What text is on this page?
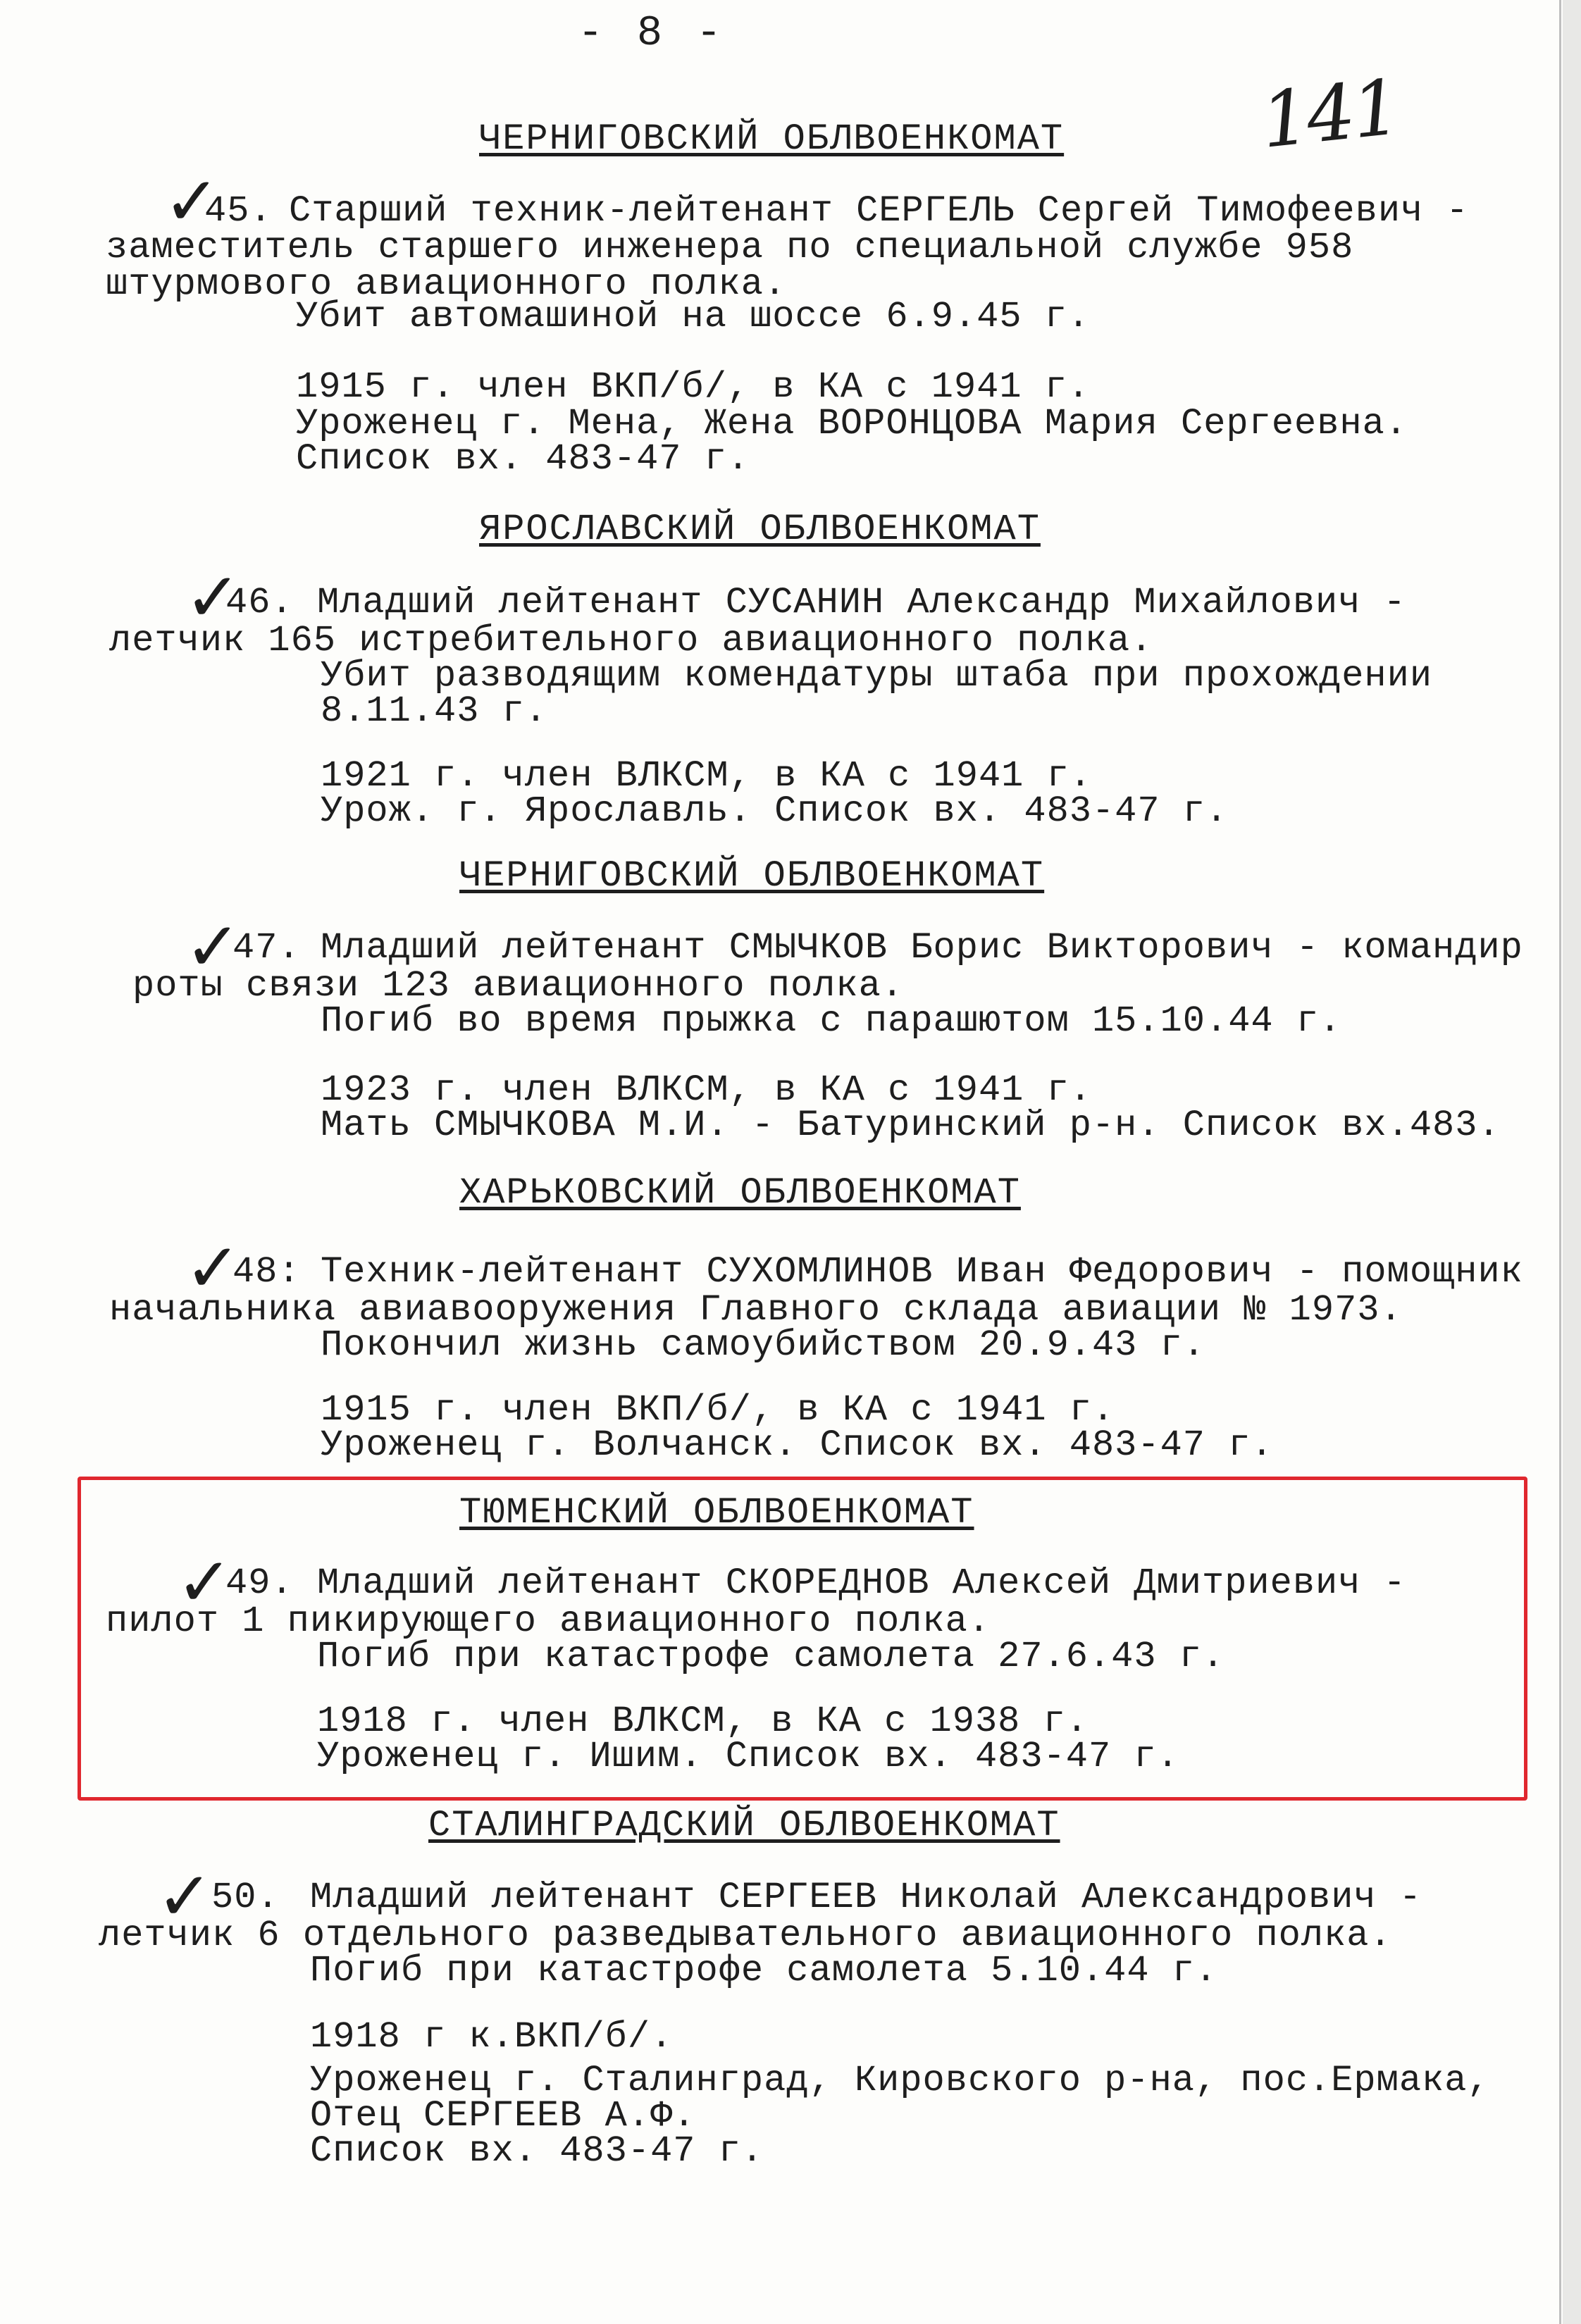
- 8 -
141
ЧЕРНИГОВСКИЙ ОБЛВОЕНКОМАТ
✓
45. Старший техник-лейтенант СЕРГЕЛЬ Сергей Тимофеевич -
заместитель старшего инженера по специальной службе 958
штурмового авиационного полка.
Убит автомашиной на шоссе 6.9.45 г.
1915 г. член ВКП/б/, в КА с 1941 г.
Уроженец г. Мена, Жена ВОРОНЦОВА Мария Сергеевна.
Список вх. 483-47 г.
ЯРОСЛАВСКИЙ ОБЛВОЕНКОМАТ
✓
46. Младший лейтенант СУСАНИН Александр Михайлович -
летчик 165 истребительного авиационного полка.
Убит разводящим комендатуры штаба при прохождении
8.11.43 г.
1921 г. член ВЛКСМ, в КА с 1941 г.
Урож. г. Ярославль. Список вх. 483-47 г.
ЧЕРНИГОВСКИЙ ОБЛВОЕНКОМАТ
✓
47. Младший лейтенант СМЫЧКОВ Борис Викторович - командир
роты связи 123 авиационного полка.
Погиб во время прыжка с парашютом 15.10.44 г.
1923 г. член ВЛКСМ, в КА с 1941 г.
Мать СМЫЧКОВА М.И. - Батуринский р-н. Список вх.483.
ХАРЬКОВСКИЙ ОБЛВОЕНКОМАТ
✓
48: Техник-лейтенант СУХОМЛИНОВ Иван Федорович - помощник
начальника авиавооружения Главного склада авиации № 1973.
Покончил жизнь самоубийством 20.9.43 г.
1915 г. член ВКП/б/, в КА с 1941 г.
Уроженец г. Волчанск. Список вх. 483-47 г.
ТЮМЕНСКИЙ ОБЛВОЕНКОМАТ
✓
49. Младший лейтенант СКОРЕДНОВ Алексей Дмитриевич -
пилот 1 пикирующего авиационного полка.
Погиб при катастрофе самолета 27.6.43 г.
1918 г. член ВЛКСМ, в КА с 1938 г.
Уроженец г. Ишим. Список вх. 483-47 г.
СТАЛИНГРАДСКИЙ ОБЛВОЕНКОМАТ
✓
50. Младший лейтенант СЕРГЕЕВ Николай Александрович -
летчик 6 отдельного разведывательного авиационного полка.
Погиб при катастрофе самолета 5.10.44 г.
1918 г к.ВКП/б/.
Уроженец г. Сталинград, Кировского р-на, пос.Ермака,
Отец СЕРГЕЕВ А.Ф.
Список вх. 483-47 г.
